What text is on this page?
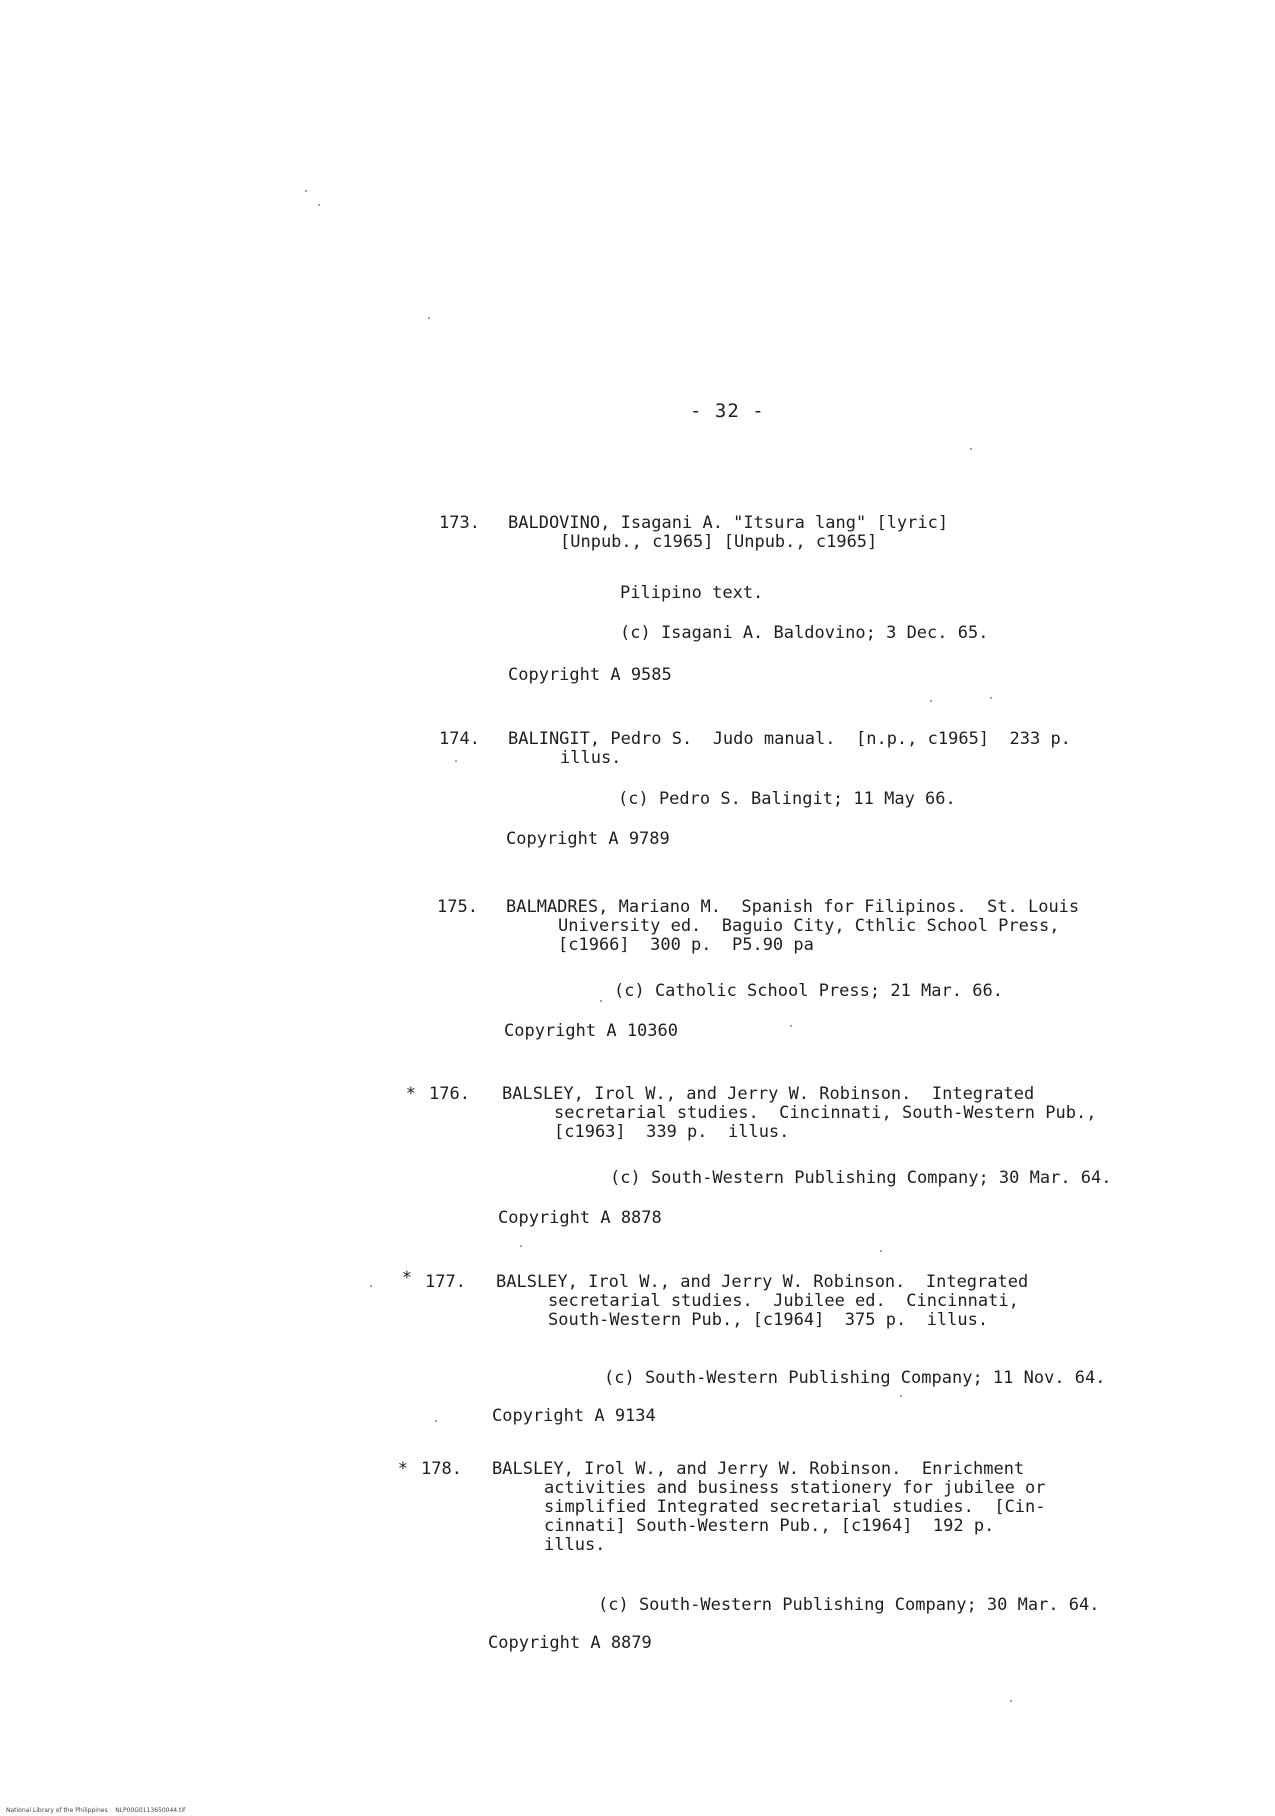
- 32 -
173. BALDOVINO, Isagani A. "Itsura lang" [lyric]
[Unpub., c1965] [Unpub., c1965]
Pilipino text.
(c) Isagani A. Baldovino; 3 Dec. 65.
Copyright A 9585
174. BALINGIT, Pedro S.  Judo manual.  [n.p., c1965]  233 p.
illus.
(c) Pedro S. Balingit; 11 May 66.
Copyright A 9789
175. BALMADRES, Mariano M.  Spanish for Filipinos.  St. Louis
University ed.  Baguio City, Cthlic School Press,
[c1966]  300 p.  P5.90 pa
(c) Catholic School Press; 21 Mar. 66.
Copyright A 10360
* 176. BALSLEY, Irol W., and Jerry W. Robinson.  Integrated
secretarial studies.  Cincinnati, South-Western Pub.,
[c1963]  339 p.  illus.
(c) South-Western Publishing Company; 30 Mar. 64.
Copyright A 8878
* 177. BALSLEY, Irol W., and Jerry W. Robinson.  Integrated
secretarial studies.  Jubilee ed.  Cincinnati,
South-Western Pub., [c1964]  375 p.  illus.
(c) South-Western Publishing Company; 11 Nov. 64.
Copyright A 9134
* 178. BALSLEY, Irol W., and Jerry W. Robinson.  Enrichment
activities and business stationery for jubilee or
simplified Integrated secretarial studies.  [Cin-
cinnati] South-Western Pub., [c1964]  192 p.
illus.
(c) South-Western Publishing Company; 30 Mar. 64.
Copyright A 8879
National Library of the Philippines    NLP00G0113650044.tif
